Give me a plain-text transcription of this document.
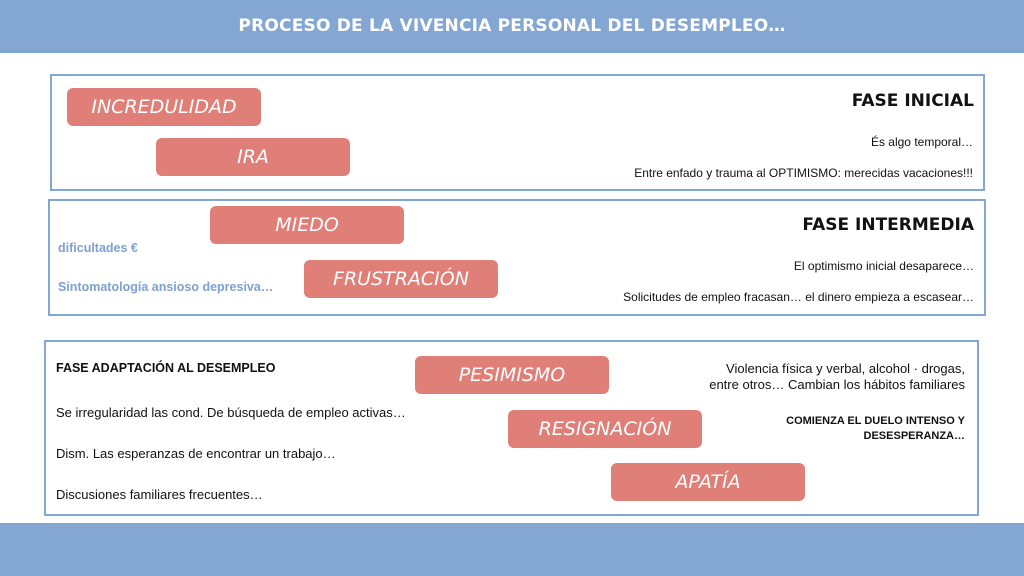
PROCESO DE LA VIVENCIA PERSONAL DEL DESEMPLEO…
INCREDULIDAD
IRA
FASE INICIAL
És algo temporal…
Entre enfado y trauma al OPTIMISMO: merecidas vacaciones!!!
MIEDO
FRUSTRACIÓN
dificultades €
Sintomatología ansioso depresiva…
FASE INTERMEDIA
El optimismo inicial desaparece…
Solicitudes de empleo fracasan… el dinero empieza a escasear…
FASE ADAPTACIÓN AL DESEMPLEO	PESIMISMO
RESIGNACIÓN
APATÍA
Se irregularidad las cond. De búsqueda de empleo activas…
Dism. Las esperanzas de encontrar un trabajo…
Discusiones familiares frecuentes…
Violencia física y verbal, alcohol · drogas,
entre otros… Cambian los hábitos familiares
COMIENZA EL DUELO INTENSO Y
DESESPERANZA…
